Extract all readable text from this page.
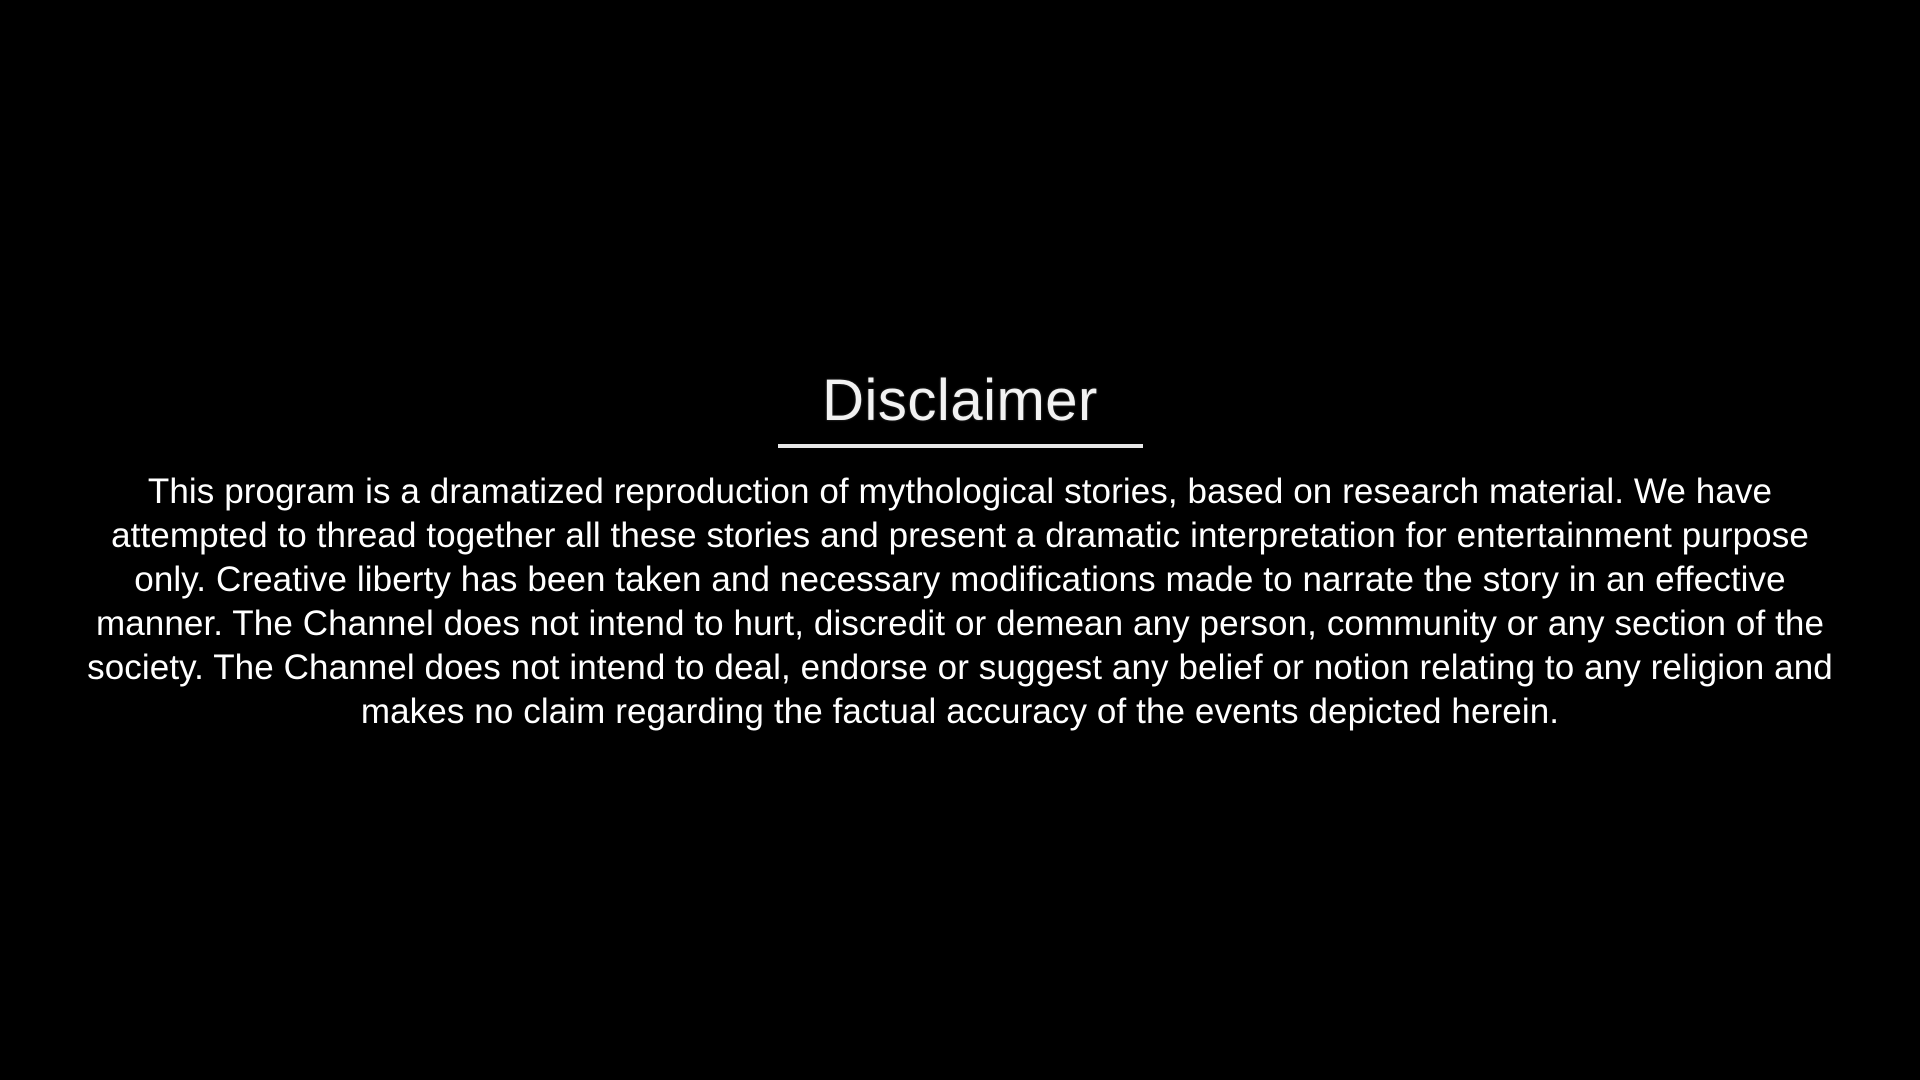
Disclaimer

This program is a dramatized reproduction of mythological stories, based on research material. We have attempted to thread together all these stories and present a dramatic interpretation for entertainment purpose only. Creative liberty has been taken and necessary modifications made to narrate the story in an effective manner. The Channel does not intend to hurt, discredit or demean any person, community or any section of the society. The Channel does not intend to deal, endorse or suggest any belief or notion relating to any religion and makes no claim regarding the factual accuracy of the events depicted herein.
